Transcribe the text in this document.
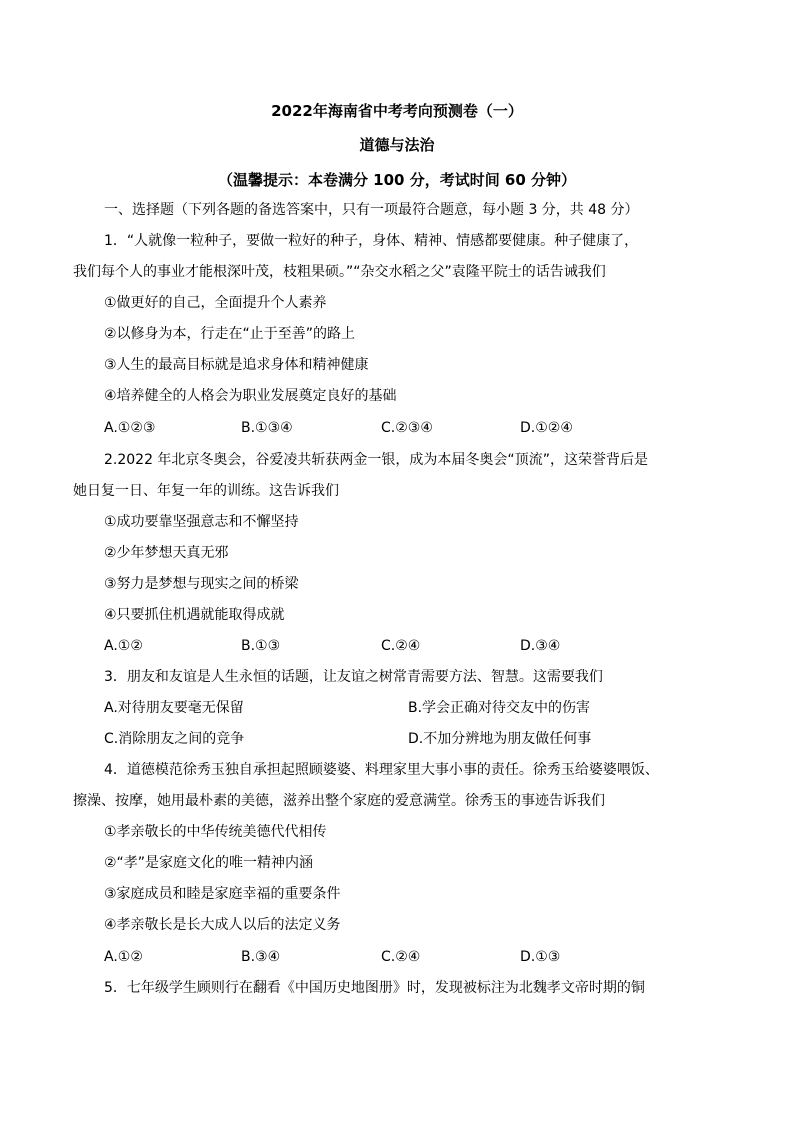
2022年海南省中考考向预测卷（一）
道德与法治
（温馨提示：本卷满分 100 分，考试时间 60 分钟）
一、选择题（下列各题的备选答案中，只有一项最符合题意，每小题 3 分，共 48 分）
1．“人就像一粒种子，要做一粒好的种子，身体、精神、情感都要健康。种子健康了，
我们每个人的事业才能根深叶茂，枝粗果硕。”“杂交水稻之父”袁隆平院士的话告诫我们
①做更好的自己，全面提升个人素养
②以修身为本，行走在“止于至善”的路上
③人生的最高目标就是追求身体和精神健康
④培养健全的人格会为职业发展奠定良好的基础
A.①②③	B.①③④	C.②③④	D.①②④
2.2022 年北京冬奥会，谷爱凌共斩获两金一银，成为本届冬奥会“顶流”，这荣誉背后是
她日复一日、年复一年的训练。这告诉我们
①成功要靠坚强意志和不懈坚持
②少年梦想天真无邪
③努力是梦想与现实之间的桥梁
④只要抓住机遇就能取得成就
A.①②	B.①③	C.②④	D.③④
3．朋友和友谊是人生永恒的话题，让友谊之树常青需要方法、智慧。这需要我们
A.对待朋友要毫无保留	B.学会正确对待交友中的伤害
C.消除朋友之间的竞争	D.不加分辨地为朋友做任何事
4．道德模范徐秀玉独自承担起照顾婆婆、料理家里大事小事的责任。徐秀玉给婆婆喂饭、
擦澡、按摩，她用最朴素的美德，滋养出整个家庭的爱意满堂。徐秀玉的事迹告诉我们
①孝亲敬长的中华传统美德代代相传
②“孝”是家庭文化的唯一精神内涵
③家庭成员和睦是家庭幸福的重要条件
④孝亲敬长是长大成人以后的法定义务
A.①②	B.③④	C.②④	D.①③
5．七年级学生顾则行在翻看《中国历史地图册》时，发现被标注为北魏孝文帝时期的铜
